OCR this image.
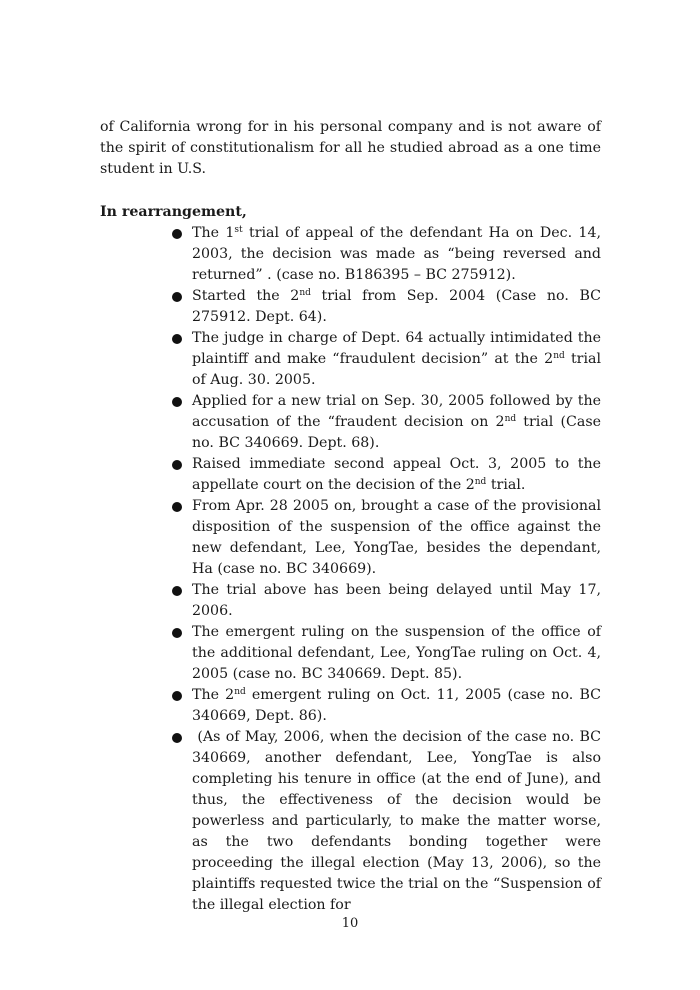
of California wrong for in his personal company and is not aware of the spirit of constitutionalism for all he studied abroad as a one time student in U.S.

In rearrangement,

The 1st trial of appeal of the defendant Ha on Dec. 14, 2003, the decision was made as “being reversed and returned” . (case no. B186395 – BC 275912).
Started the 2nd trial from Sep. 2004 (Case no. BC 275912. Dept. 64).
The judge in charge of Dept. 64 actually intimidated the plaintiff and make “fraudulent decision” at the 2nd trial of Aug. 30. 2005.
Applied for a new trial on Sep. 30, 2005 followed by the accusation of the “fraudent decision on 2nd trial (Case no. BC 340669. Dept. 68).
Raised immediate second appeal Oct. 3, 2005 to the appellate court on the decision of the 2nd trial.
From Apr. 28 2005 on, brought a case of the provisional disposition of the suspension of the office against the new defendant, Lee, YongTae, besides the dependant, Ha (case no. BC 340669).
The trial above has been being delayed until May 17, 2006.
The emergent ruling on the suspension of the office of the additional defendant, Lee, YongTae ruling on Oct. 4, 2005 (case no. BC 340669. Dept. 85).
The 2nd emergent ruling on Oct. 11, 2005 (case no. BC 340669, Dept. 86).
(As of May, 2006, when the decision of the case no. BC 340669, another defendant, Lee, YongTae is also completing his tenure in office (at the end of June), and thus, the effectiveness of the decision would be powerless and particularly, to make the matter worse, as the two defendants bonding together were proceeding the illegal election (May 13, 2006), so the plaintiffs requested twice the trial on the “Suspension of the illegal election for
10
